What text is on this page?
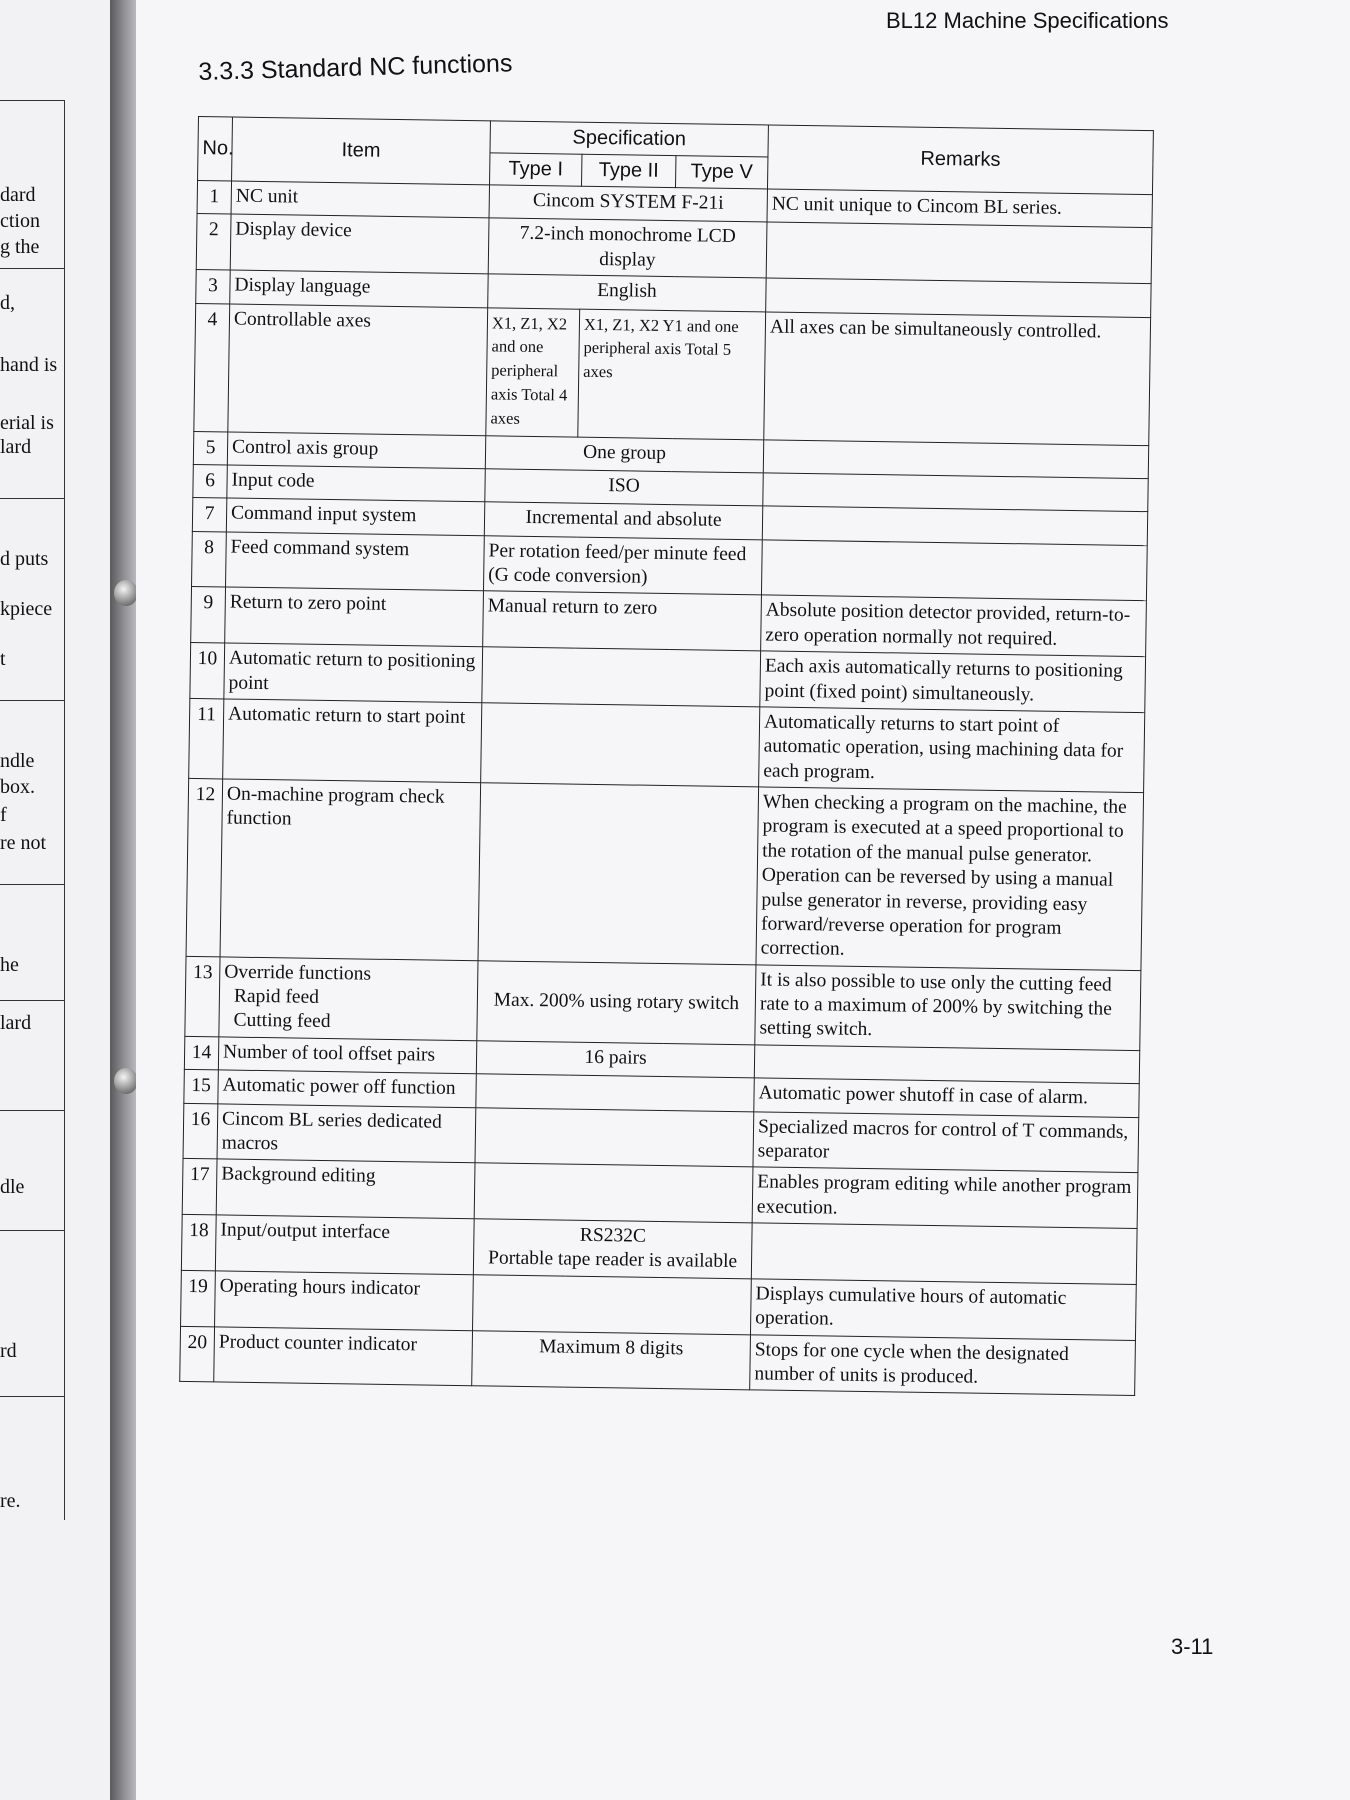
dard
ction
g the
d,
hand is
erial is
lard
d puts
kpiece
t
ndle
box.
f
re not
he
lard
dle
rd
re.
BL12 Machine Specifications
3.3.3 Standard NC functions
No.	Item	Specification			Remarks
		Type I	Type II	Type V	
1	NC unit	Cincom SYSTEM F-21i			NC unit unique to Cincom BL series.
2	Display device	7.2-inch monochrome LCD display			
3	Display language	English			
4	Controllable axes	X1, Z1, X2 and one peripheral axis Total 4 axes	X1, Z1, X2 Y1 and one peripheral axis Total 5 axes		All axes can be simultaneously controlled.
5	Control axis group	One group			
6	Input code	ISO			
7	Command input system	Incremental and absolute			
8	Feed command system	Per rotation feed/per minute feed (G code conversion)			
9	Return to zero point	Manual return to zero			Absolute position detector provided, return-to-zero operation normally not required.
10	Automatic return to positioning point				Each axis automatically returns to positioning point (fixed point) simultaneously.
11	Automatic return to start point				Automatically returns to start point of automatic operation, using machining data for each program.
12	On-machine program check function				When checking a program on the machine, the program is executed at a speed proportional to the rotation of the manual pulse generator. Operation can be reversed by using a manual pulse generator in reverse, providing easy forward/reverse operation for program correction.
13	Override functions
Rapid feed
Cutting feed	Max. 200% using rotary switch			It is also possible to use only the cutting feed rate to a maximum of 200% by switching the setting switch.
14	Number of tool offset pairs	16 pairs			
15	Automatic power off function				Automatic power shutoff in case of alarm.
16	Cincom BL series dedicated macros				Specialized macros for control of T commands, separator
17	Background editing				Enables program editing while another program execution.
18	Input/output interface	RS232C
Portable tape reader is available			

19	Operating hours indicator				Displays cumulative hours of automatic operation.
20	Product counter indicator	Maximum 8 digits			Stops for one cycle when the designated number of units is produced.
3-11
